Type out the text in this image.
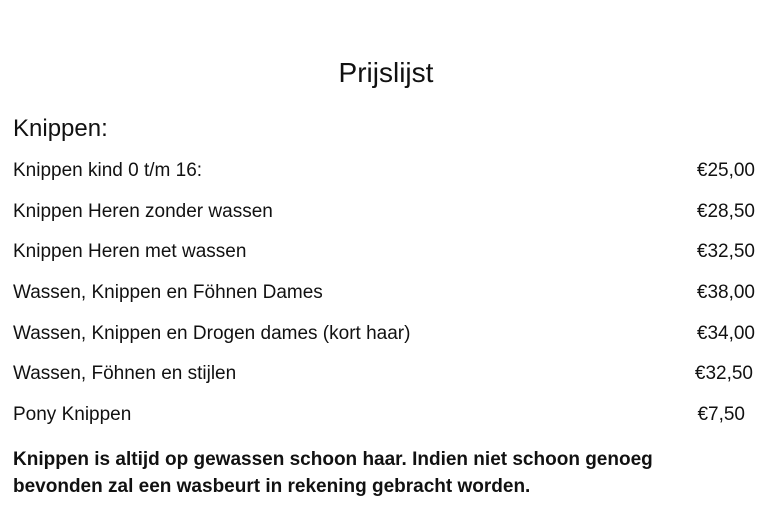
Prijslijst
Knippen:
Knippen kind 0 t/m 16:	€25,00
Knippen Heren zonder wassen	€28,50
Knippen Heren met wassen	€32,50
Wassen, Knippen en Föhnen Dames	€38,00
Wassen, Knippen en Drogen dames (kort haar)	€34,00
Wassen, Föhnen en stijlen	€32,50
Pony Knippen	€7,50

Knippen is altijd op gewassen schoon haar. Indien niet schoon genoeg bevonden zal een wasbeurt in rekening gebracht worden.
